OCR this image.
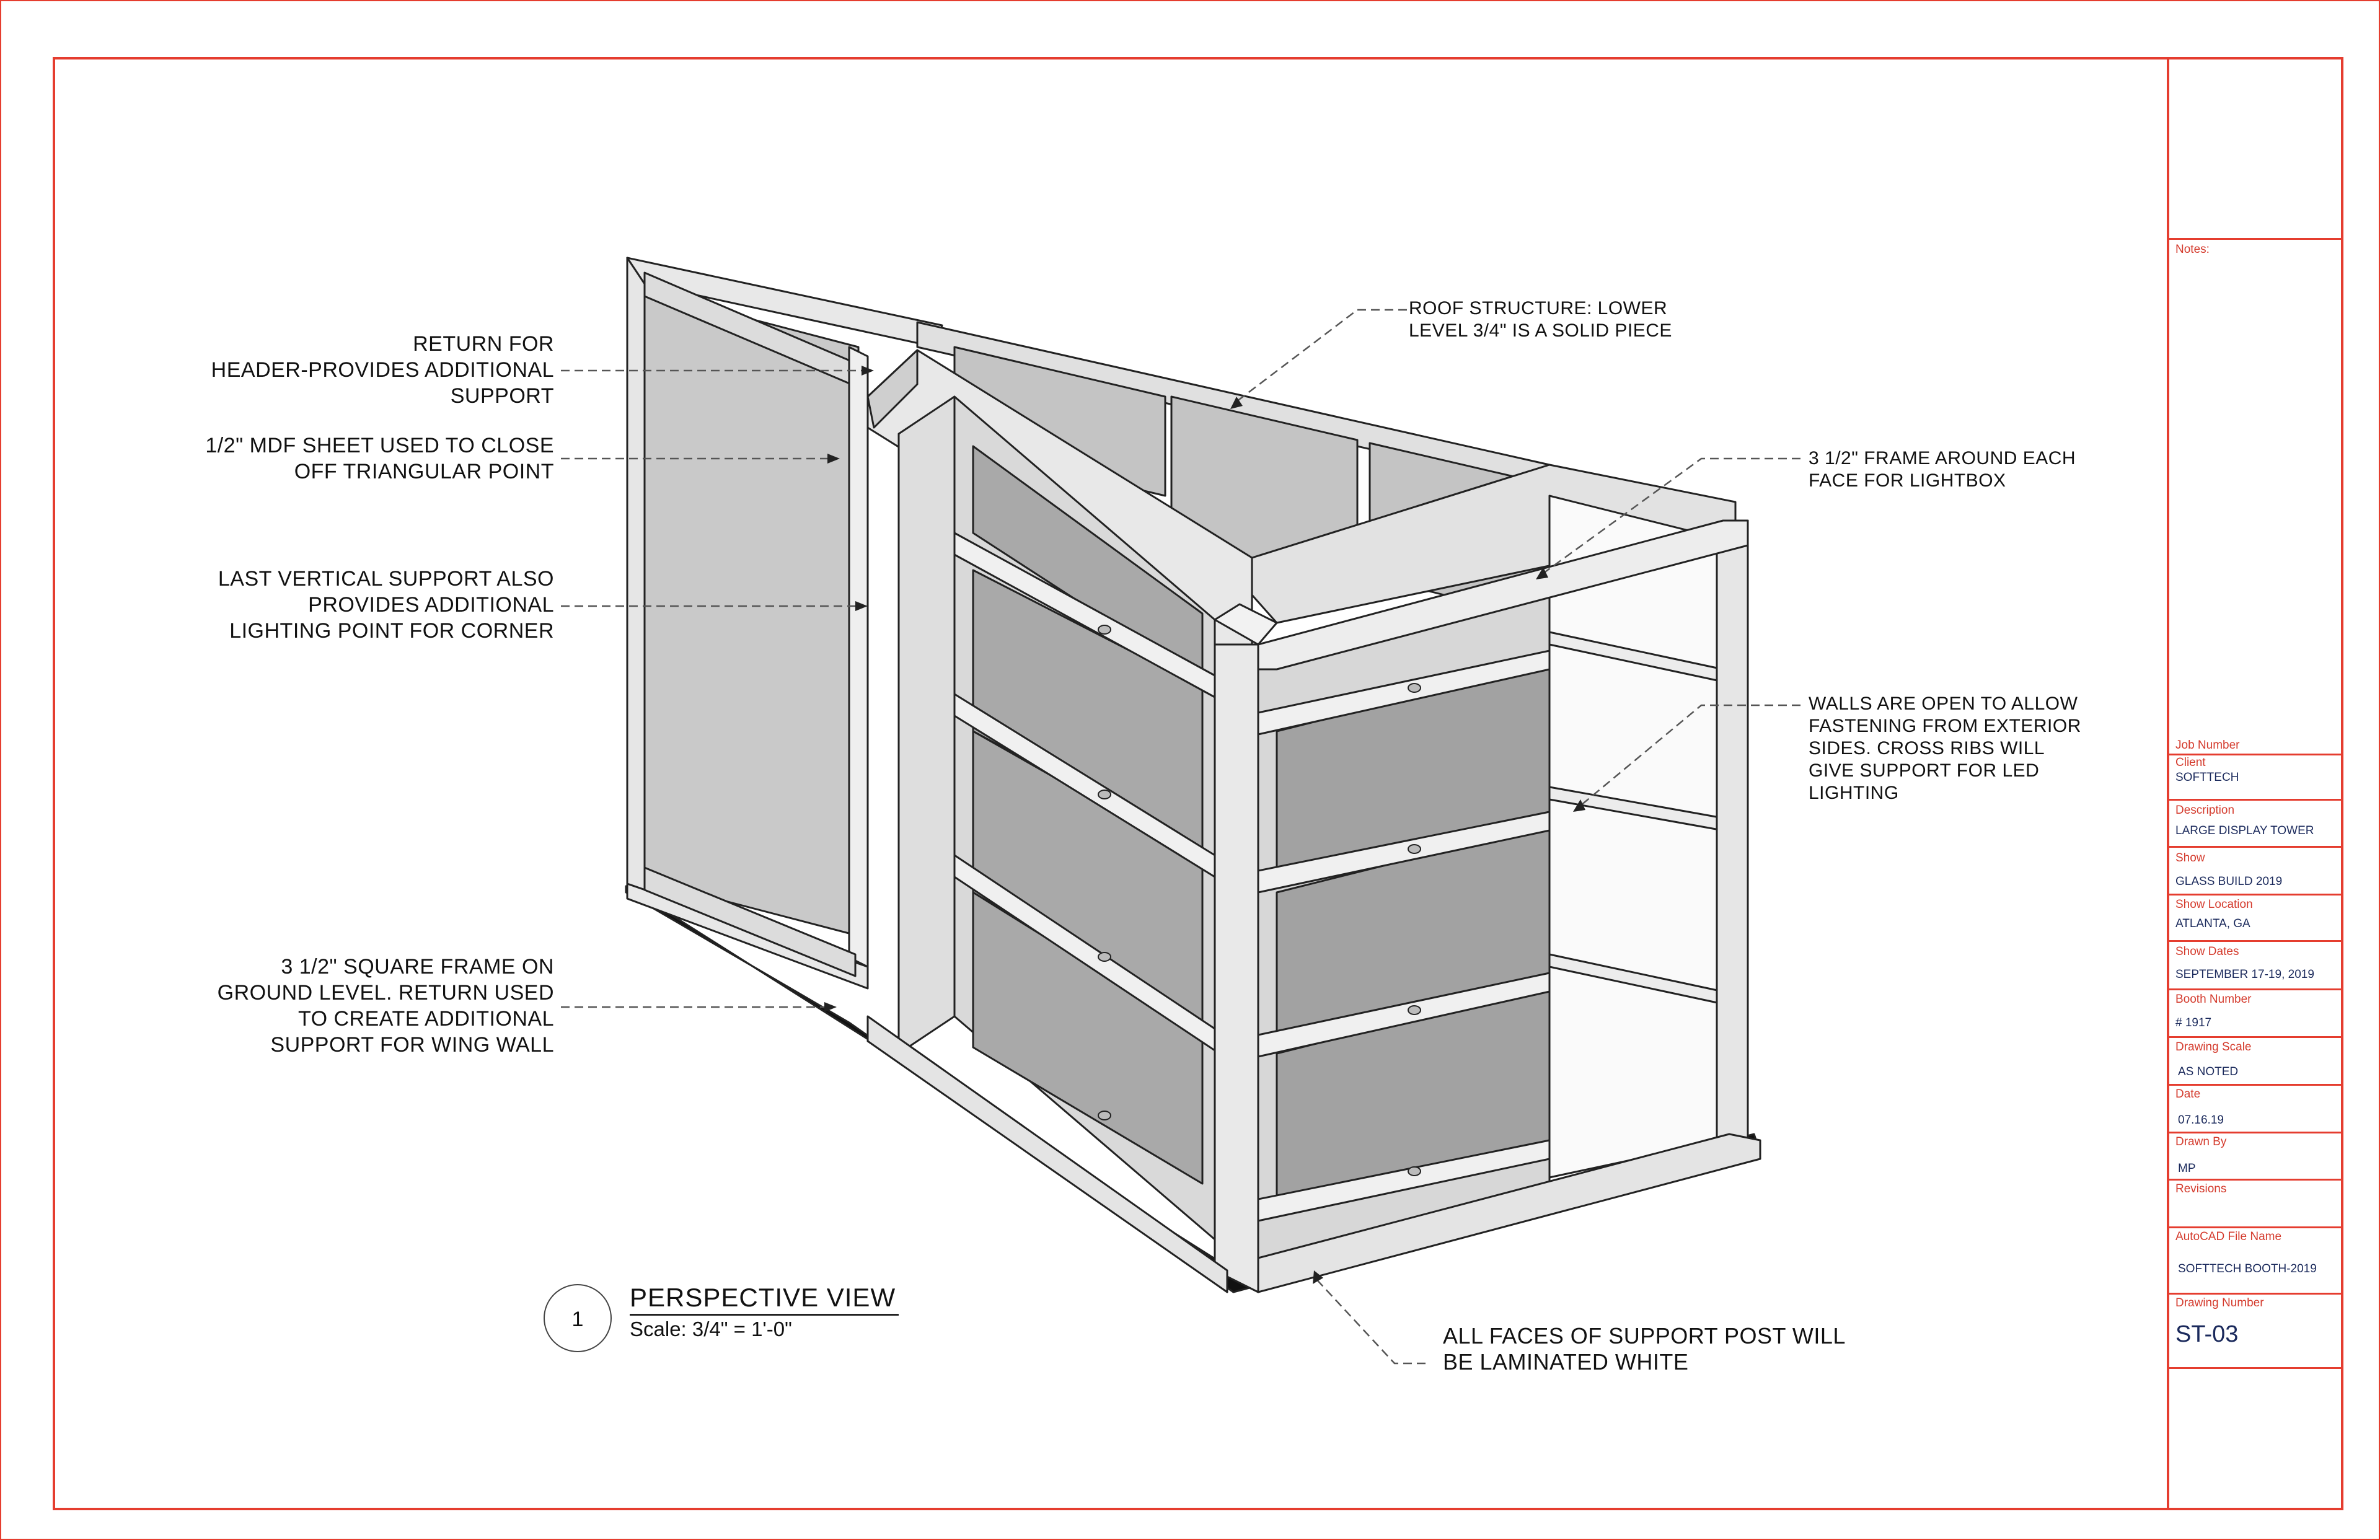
RETURN FOR
HEADER-PROVIDES ADDITIONAL
SUPPORT
1/2" MDF SHEET USED TO CLOSE
OFF TRIANGULAR POINT
LAST VERTICAL SUPPORT ALSO
PROVIDES ADDITIONAL
LIGHTING POINT FOR CORNER
3 1/2" SQUARE FRAME ON
GROUND LEVEL. RETURN USED
TO CREATE ADDITIONAL
SUPPORT FOR WING WALL
ROOF STRUCTURE: LOWER
LEVEL 3/4" IS A SOLID PIECE
3 1/2" FRAME AROUND EACH
FACE FOR LIGHTBOX
WALLS ARE OPEN TO ALLOW
FASTENING FROM EXTERIOR
SIDES. CROSS RIBS WILL
GIVE SUPPORT FOR LED
LIGHTING
ALL FACES OF SUPPORT POST WILL
BE LAMINATED WHITE
1
PERSPECTIVE VIEW
Scale: 3/4" = 1'-0"
Notes:
Job Number
Client
SOFTTECH
Description
LARGE DISPLAY TOWER
Show
GLASS BUILD 2019
Show Location
ATLANTA, GA
Show Dates
SEPTEMBER 17-19, 2019
Booth Number
# 1917
Drawing Scale
AS NOTED
Date
07.16.19
Drawn By
MP
Revisions
AutoCAD File Name
SOFTTECH BOOTH-2019
Drawing Number
ST-03
